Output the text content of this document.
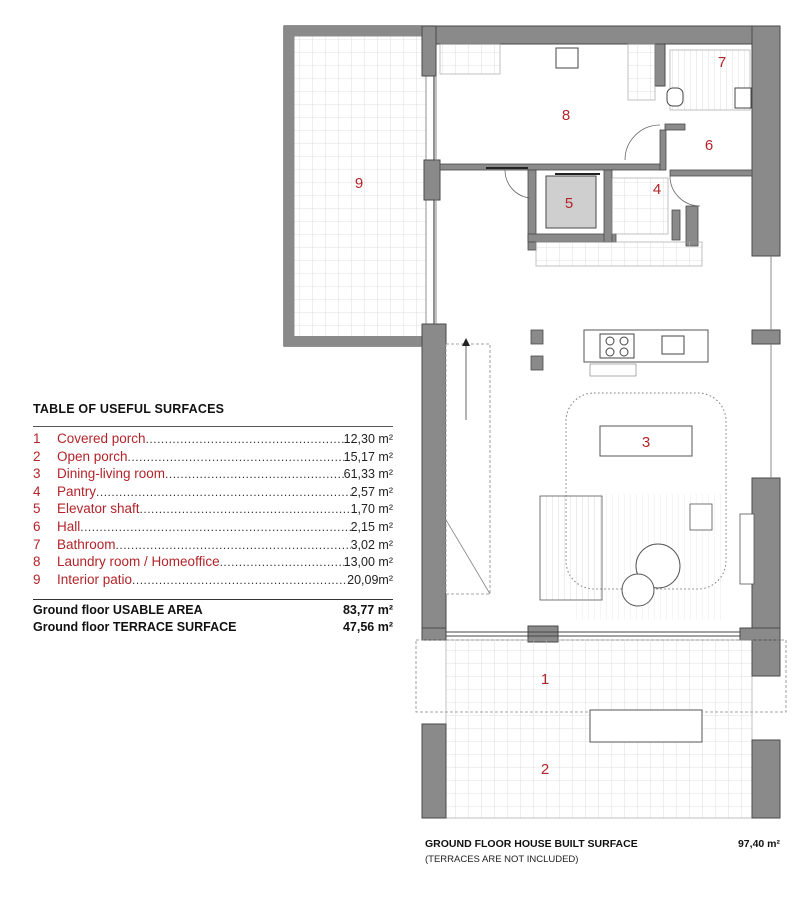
1
2
3
4
5
6
7
8
9
TABLE OF USEFUL SURFACES
1	Covered porch .....	12,30 m²
2	Open porch .....	15,17 m²
3	Dining-living room .....	61,33 m²
4	Pantry .....	2,57 m²
5	Elevator shaft .....	1,70 m²
6	Hall .....	2,15 m²
7	Bathroom .....	3,02 m²
8	Laundry room / Homeoffice .....	13,00 m²
9	Interior patio .....	20,09m²
Ground floor USABLE AREA	83,77 m²
Ground floor TERRACE SURFACE	47,56 m²
GROUND FLOOR HOUSE BUILT SURFACE	97,40 m²
(TERRACES ARE NOT INCLUDED)
